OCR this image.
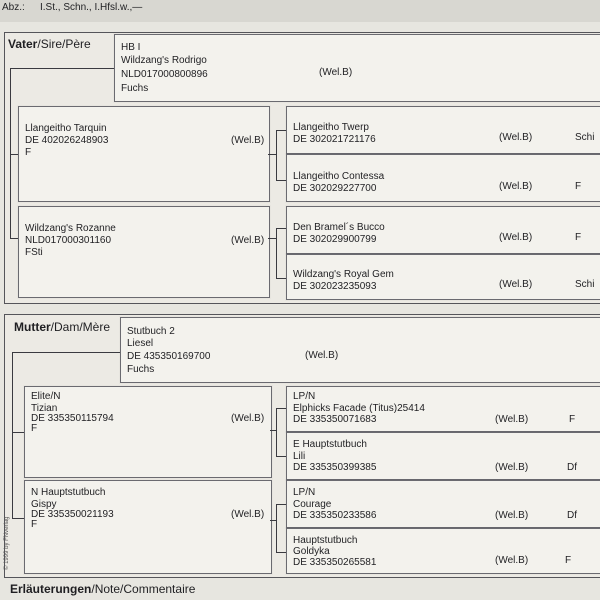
Abz.: I.St., Schn., I.Hfsl.w.,—
Vater/Sire/Père	HB I
Wildzang's Rodrigo
NLD017000800896
Fuchs
(Wel.B)
Llangeitho Tarquin
DE 402026248903
F
(Wel.B)
Wildzang's Rozanne
NLD017000301160
FSti
(Wel.B)
Llangeitho Twerp
DE 302021721176	(Wel.B)	Schi
Llangeitho Contessa
DE 302029227700	(Wel.B)	F
Den Bramel´s Bucco
DE 302029900799	(Wel.B)	F
Wildzang's Royal Gem
DE 302023235093	(Wel.B)	Schi
Mutter/Dam/Mère Stutbuch 2
Liesel
DE 435350169700
Fuchs
(Wel.B)
Elite/N
Tizian
DE 335350115794
F
(Wel.B)
N Hauptstutbuch
Gispy
DE 335350021193
F
(Wel.B)
LP/N
Elphicks Facade (Titus)25414
DE 335350071683	(Wel.B)	F
E Hauptstutbuch
Lili
DE 335350399385	(Wel.B)	Df
LP/N
Courage
DE 335350233586	(Wel.B)	Df
Hauptstutbuch
Goldyka
DE 335350265581	(Wel.B)	F
© 1999 by FNverlag
Erläuterungen/Note/Commentaire
